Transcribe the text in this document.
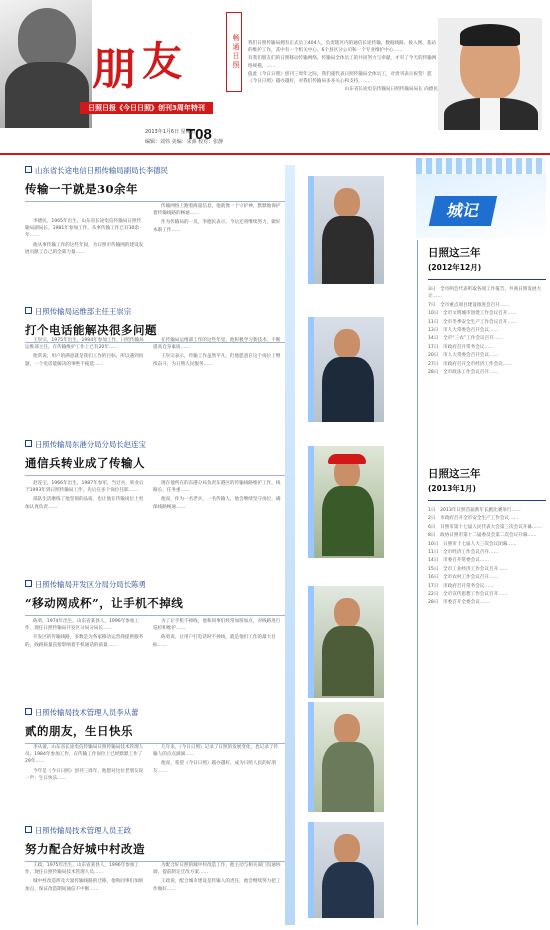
朋 友
日照日报《今日日照》创刊3周年特刊
2013年1月6日 星期五
编辑：刘伟 美编：宋源 校对：张静
T08
畅通日照	我们日照传输局拥有正式员工404人，负责辖区内的通信长途传输、数据线路、接入网、基站的维护工作，其中有一个机关中心、6个县区分公司和一个专业维护中心……

有我们朋友们的日照移动传输网络、传输局全体员工的共同努力与奉献，才有了今天的传输网络规模，……

值此《今日日照》创刊三周年之际，我们谨代表日照传输局全体员工，对贵刊表示祝贺！愿《今日日照》越办越好，对我们传输局多多关心和支持，……

山东省长途电信传输局日照传输局局长 尚德民

山东省长途电信日照传输局副局长李德民
传输一干就是30余年

李德民，1965年出生，山东省长途电信传输局日照传输局副局长。1981年参加工作，从事传输工作已有30余年……

他从事传输工作的这些年间，为日照市传输网的建设发展贡献了自己的全部力量……

传输网络上跑着海量信息，他就像一个守护神，默默地保护着传输线路的畅通……

作为传输局的一员，李德民表示，今后还将继续努力，做好本职工作……

日照传输局运维部主任王崇宗
打个电话能解决很多问题

王崇宗，1975年出生，1994年参加工作，日照传输局运维部主任，在传输维护工作上已有20年……

他常说，用户的满意就是我们工作的目标，所以遇到问题，一个电话能解决的事绝不拖延……

在传输局运维部工作的这些年里，他积极学习新技术，不断提高自身素质……

王崇宗表示，传输工作虽然平凡，但他愿意在这个岗位上继续奋斗，为日照人民服务……

日照传输局东港分局分局长赵连宝
通信兵转业成了传输人

赵连宝，1966年出生，1987年参军，当过兵，转业后于1993年到日照传输局工作，先后在多个岗位任职……

部队生活磨练了他坚韧的品质，也让他在传输岗位上更加认真负责……

现在他所在的东港分局负责东港区的传输线路维护工作，线路长、任务重……

他说，作为一名老兵，一名传输人，他会继续坚守岗位，确保线路畅通……

日照传输局开发区分局分局长陈勇
“移动网成杯”，让手机不掉线

陈勇，1974年出生，山东省某县人，1996年参加工作，现任日照传输局开发区分局分局长……

开发区的传输线路，多数是为各家移动运营商提供服务的，线路质量直接影响着手机通话的质量……

为了让手机不掉线，他和同事们经常加班加点，对线路进行巡检和维护……

陈勇说，让用户打电话时不掉线，就是他们工作的最大目标……

日照传输局技术管理人员李从蕾
贰的朋友，生日快乐

李从蕾，山东省长途电信传输局日照传输局技术管理人员。1984年参加工作，在传输工作岗位上已经默默工作了29年……

今年是《今日日照》创刊三周年，他想对这位老朋友说一声：生日快乐……

几年来，《今日日照》记录了日照的发展变化，也记录了传输人的点点滴滴……

他说，希望《今日日照》越办越好，成为日照人民的好朋友……

日照传输局技术管理人员王政
努力配合好城中村改造

王政，1975年出生，山东省某县人，1996年参加工作，现任日照传输局技术管理人员……

城中村改造涉及大量传输线路的迁移，他和同事们加班加点，保证改造期间通信不中断……

为配合好日照的城中村改造工作，他主动与相关部门沟通协调，提前制定迁改方案……

王政说，配合城市建设是传输人的责任，他会继续努力把工作做好……

城记
日照这三年
(2012年12月)

3日　全市两会代表听取各项工作报告，共商日照发展大计……

7日　全市重点项目建设推进会召开……

10日　全市文明城市创建工作会议召开……

11日　全市冬季安全生产工作会议召开……

13日　市人大常委会召开会议……

14日　全市“三农”工作会议召开……

17日　市政府召开常务会议……

20日　市人大常委会召开会议……

27日　市政府召开全市经济工作会议……

28日　全市政法工作会议召开……

日照这三年
(2013年1月)

1日　2013年日照首届新年长跑比赛举行……

2日　市政府召开全市安全生产工作会议……

6日　日照市第十七届人民代表大会第三次会议开幕……

8日　政协日照市第十二届委员会第二次会议开幕……

10日　日照市十七届人大三次会议闭幕……

11日　全市经济工作会议召开……

14日　市委召开常委会议……

15日　全市工业经济工作会议召开……

16日　全市农村工作会议召开……

17日　市政府召开常务会议……

22日　全市宣传思想工作会议召开……

28日　市委召开全委会议……
